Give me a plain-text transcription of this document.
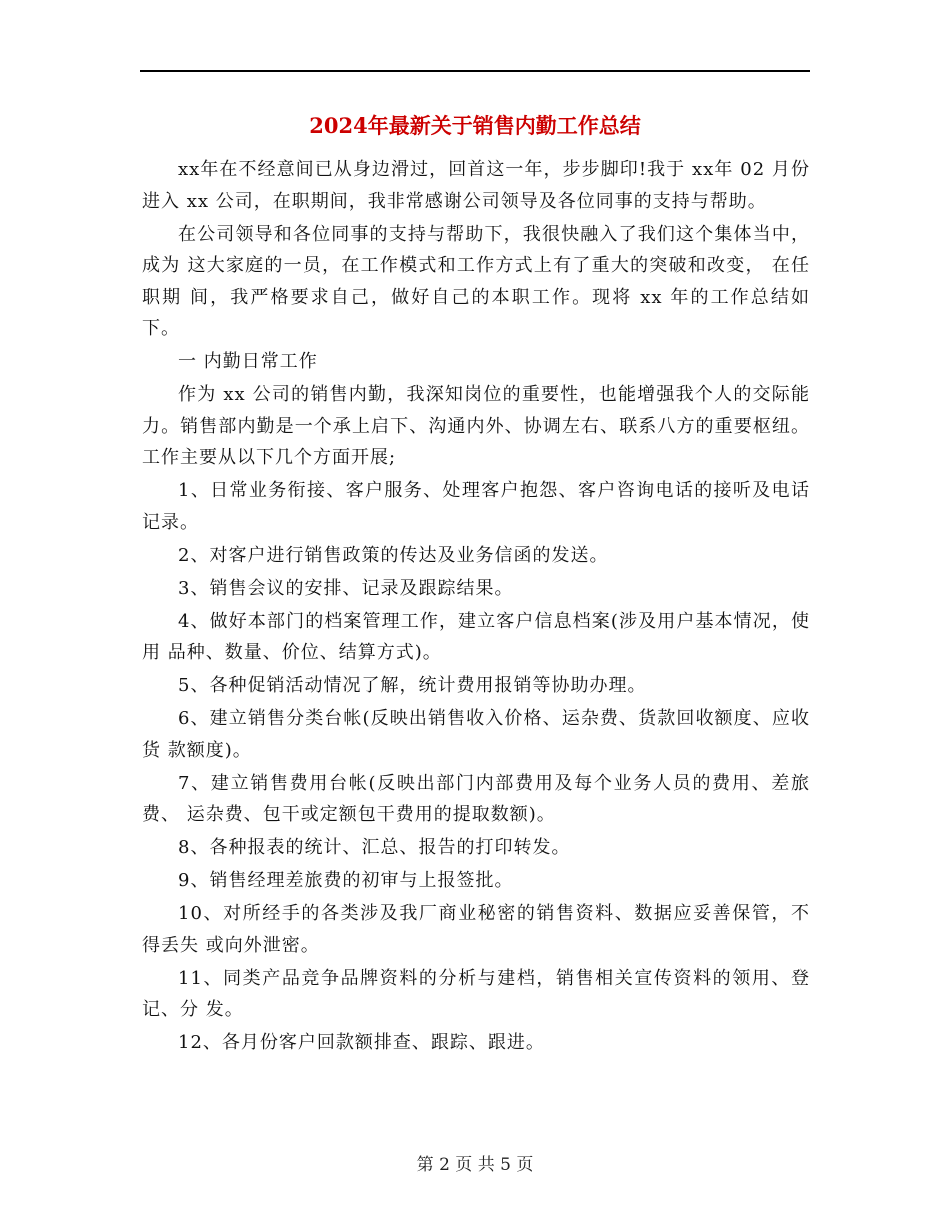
2024年最新关于销售内勤工作总结

xx年在不经意间已从身边滑过，回首这一年，步步脚印!我于 xx年 02 月份进入 xx 公司，在职期间，我非常感谢公司领导及各位同事的支持与帮助。

在公司领导和各位同事的支持与帮助下，我很快融入了我们这个集体当中，成为 这大家庭的一员，在工作模式和工作方式上有了重大的突破和改变， 在任职期 间，我严格要求自己，做好自己的本职工作。现将 xx 年的工作总结如下。

一 内勤日常工作

作为 xx 公司的销售内勤，我深知岗位的重要性，也能增强我个人的交际能 力。销售部内勤是一个承上启下、沟通内外、协调左右、联系八方的重要枢纽。 工作主要从以下几个方面开展;

1、日常业务衔接、客户服务、处理客户抱怨、客户咨询电话的接听及电话记录。

2、对客户进行销售政策的传达及业务信函的发送。

3、销售会议的安排、记录及跟踪结果。

4、做好本部门的档案管理工作，建立客户信息档案(涉及用户基本情况，使用 品种、数量、价位、结算方式)。

5、各种促销活动情况了解，统计费用报销等协助办理。

6、建立销售分类台帐(反映出销售收入价格、运杂费、货款回收额度、应收货 款额度)。

7、建立销售费用台帐(反映出部门内部费用及每个业务人员的费用、差旅费、 运杂费、包干或定额包干费用的提取数额)。

8、各种报表的统计、汇总、报告的打印转发。

9、销售经理差旅费的初审与上报签批。

10、对所经手的各类涉及我厂商业秘密的销售资料、数据应妥善保管，不得丢失 或向外泄密。

11、同类产品竞争品牌资料的分析与建档，销售相关宣传资料的领用、登记、分 发。

12、各月份客户回款额排查、跟踪、跟进。

第 2 页 共 5 页
